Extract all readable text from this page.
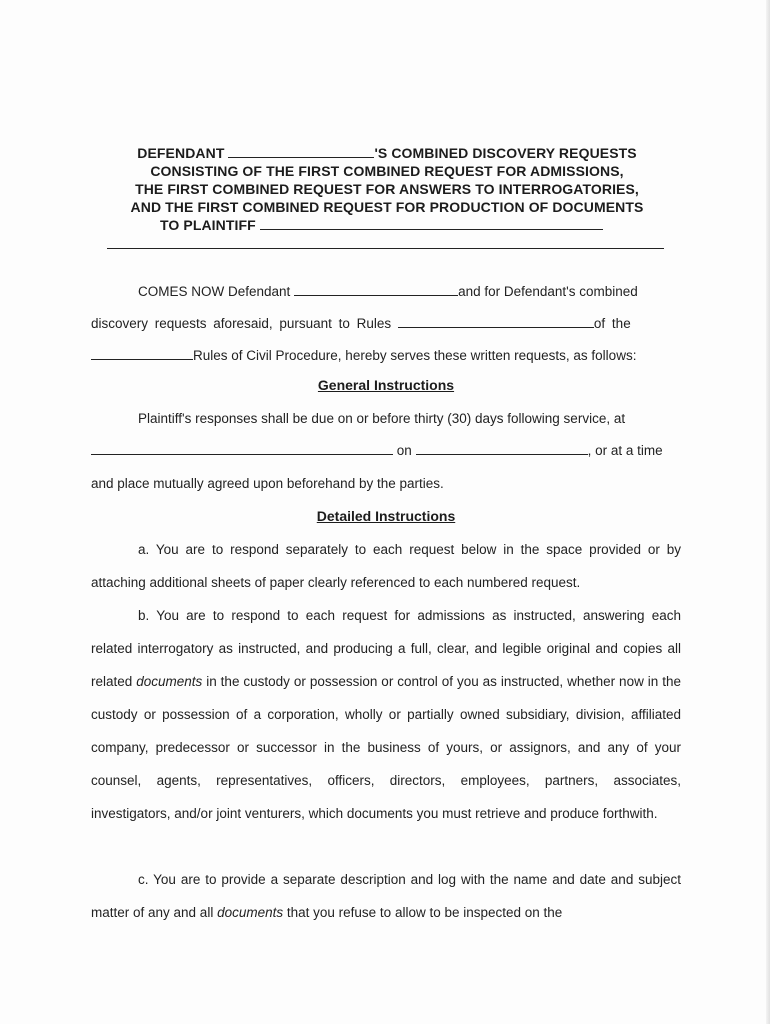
DEFENDANT	'S COMBINED DISCOVERY REQUESTS
CONSISTING OF THE FIRST COMBINED REQUEST FOR ADMISSIONS,
THE FIRST COMBINED REQUEST FOR ANSWERS TO INTERROGATORIES,
AND THE FIRST COMBINED REQUEST FOR PRODUCTION OF DOCUMENTS
TO PLAINTIFF
COMES NOW Defendant	and for Defendant's combined
discovery requests aforesaid, pursuant to Rules	of the
Rules of Civil Procedure, hereby serves these written requests, as follows:
General Instructions
Plaintiff's responses shall be due on or before thirty (30) days following service, at
on	, or at a time
and place mutually agreed upon beforehand by the parties.
Detailed Instructions
a. You are to respond separately to each request below in the space provided or by attaching additional sheets of paper clearly referenced to each numbered request.
b. You are to respond to each request for admissions as instructed, answering each related interrogatory as instructed, and producing a full, clear, and legible original and copies all related documents in the custody or possession or control of you as instructed, whether now in the custody or possession of a corporation, wholly or partially owned subsidiary, division, affiliated company, predecessor or successor in the business of yours, or assignors, and any of your counsel, agents, representatives, officers, directors, employees, partners, associates, investigators, and/or joint venturers, which documents you must retrieve and produce forthwith.
c. You are to provide a separate description and log with the name and date and subject matter of any and all documents that you refuse to allow to be inspected on the
